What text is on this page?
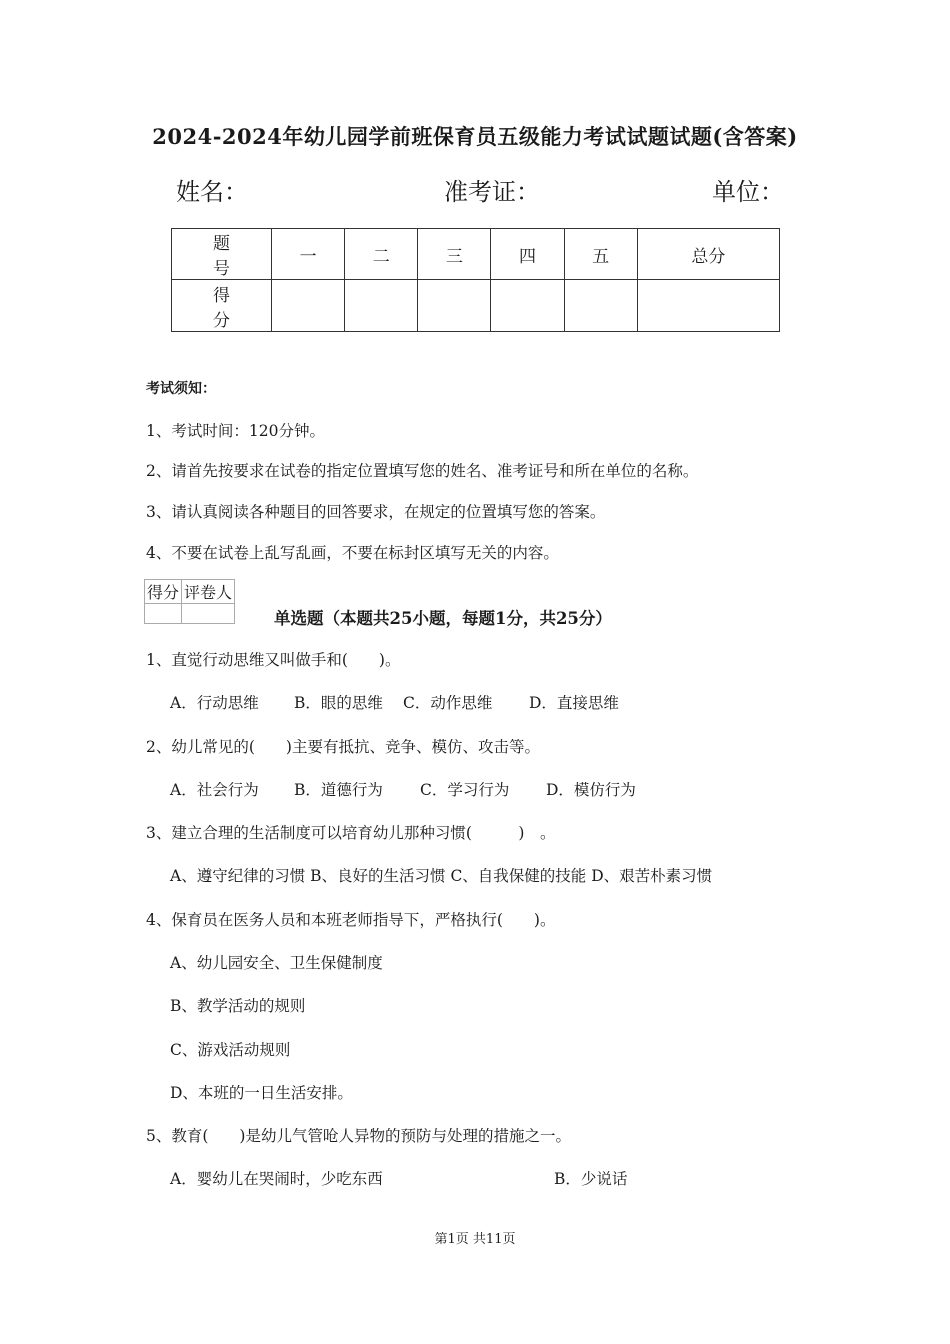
2024-2024年幼儿园学前班保育员五级能力考试试题试题(含答案)
姓名：	准考证：	单位：
题　号	一	二	三	四	五	总分
得　分						
考试须知：
1、考试时间：120分钟。
2、请首先按要求在试卷的指定位置填写您的姓名、准考证号和所在单位的名称。
3、请认真阅读各种题目的回答要求，在规定的位置填写您的答案。
4、不要在试卷上乱写乱画，不要在标封区填写无关的内容。
得分	评卷人

单选题（本题共25小题，每题1分，共25分）
1、直觉行动思维又叫做手和(　　)。
A．行动思维 B．眼的思维 C．动作思维 D．直接思维
2、幼儿常见的(　　)主要有抵抗、竞争、模仿、攻击等。
A．社会行为 B．道德行为 C．学习行为 D．模仿行为
3、建立合理的生活制度可以培育幼儿那种习惯(　　　)　。
A、遵守纪律的习惯 B、良好的生活习惯 C、自我保健的技能 D、艰苦朴素习惯
4、保育员在医务人员和本班老师指导下，严格执行(　　)。
A、幼儿园安全、卫生保健制度
B、教学活动的规则
C、游戏活动规则
D、本班的一日生活安排。
5、教育(　　)是幼儿气管呛人异物的预防与处理的措施之一。
A．婴幼儿在哭闹时，少吃东西	B．少说话
第1页 共11页
